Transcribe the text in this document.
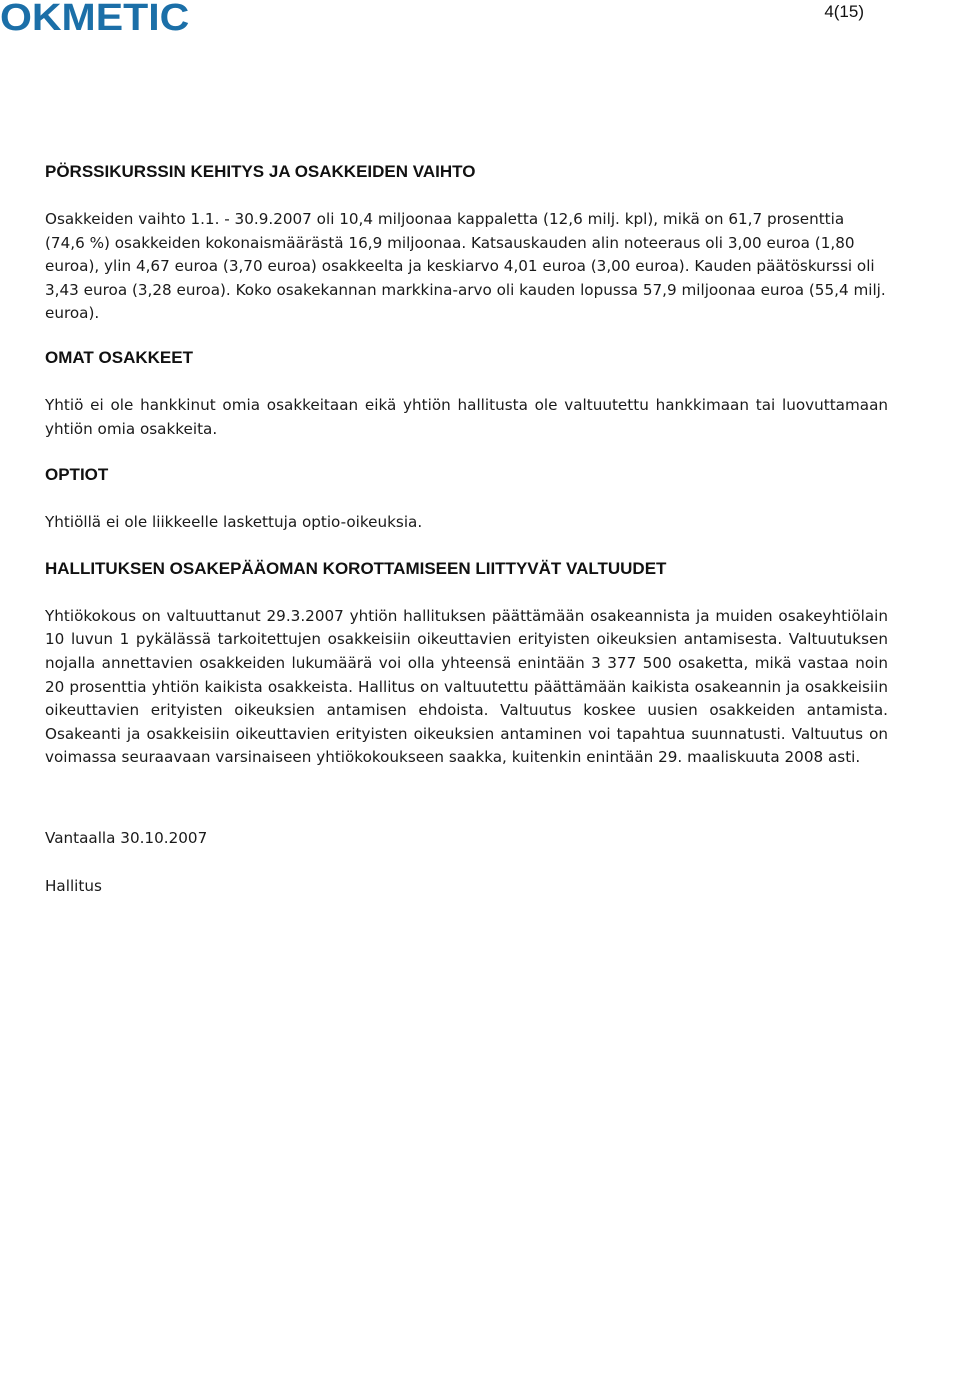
OKMETIC	4(15)
PÖRSSIKURSSIN KEHITYS JA OSAKKEIDEN VAIHTO

Osakkeiden vaihto 1.1. - 30.9.2007 oli 10,4 miljoonaa kappaletta (12,6 milj. kpl), mikä on 61,7 prosenttia (74,6 %) osakkeiden kokonaismäärästä 16,9 miljoonaa. Katsauskauden alin noteeraus oli 3,00 euroa (1,80 euroa), ylin 4,67 euroa (3,70 euroa) osakkeelta ja keskiarvo 4,01 euroa (3,00 euroa). Kauden päätöskurssi oli 3,43 euroa (3,28 euroa). Koko osakekannan markkina-arvo oli kauden lopussa 57,9 miljoonaa euroa (55,4 milj. euroa).

OMAT OSAKKEET

Yhtiö ei ole hankkinut omia osakkeitaan eikä yhtiön hallitusta ole valtuutettu hankkimaan tai luovuttamaan yhtiön omia osakkeita.

OPTIOT

Yhtiöllä ei ole liikkeelle laskettuja optio-oikeuksia.

HALLITUKSEN OSAKEPÄÄOMAN KOROTTAMISEEN LIITTYVÄT VALTUUDET

Yhtiökokous on valtuuttanut 29.3.2007 yhtiön hallituksen päättämään osakeannista ja muiden osakeyhtiölain 10 luvun 1 pykälässä tarkoitettujen osakkeisiin oikeuttavien erityisten oikeuksien antamisesta. Valtuutuksen nojalla annettavien osakkeiden lukumäärä voi olla yhteensä enintään 3 377 500 osaketta, mikä vastaa noin 20 prosenttia yhtiön kaikista osakkeista. Hallitus on valtuutettu päättämään kaikista osakeannin ja osakkeisiin oikeuttavien erityisten oikeuksien antamisen ehdoista. Valtuutus koskee uusien osakkeiden antamista. Osakeanti ja osakkeisiin oikeuttavien erityisten oikeuksien antaminen voi tapahtua suunnatusti. Valtuutus on voimassa seuraavaan varsinaiseen yhtiökokoukseen saakka, kuitenkin enintään 29. maaliskuuta 2008 asti.

Vantaalla 30.10.2007

Hallitus
